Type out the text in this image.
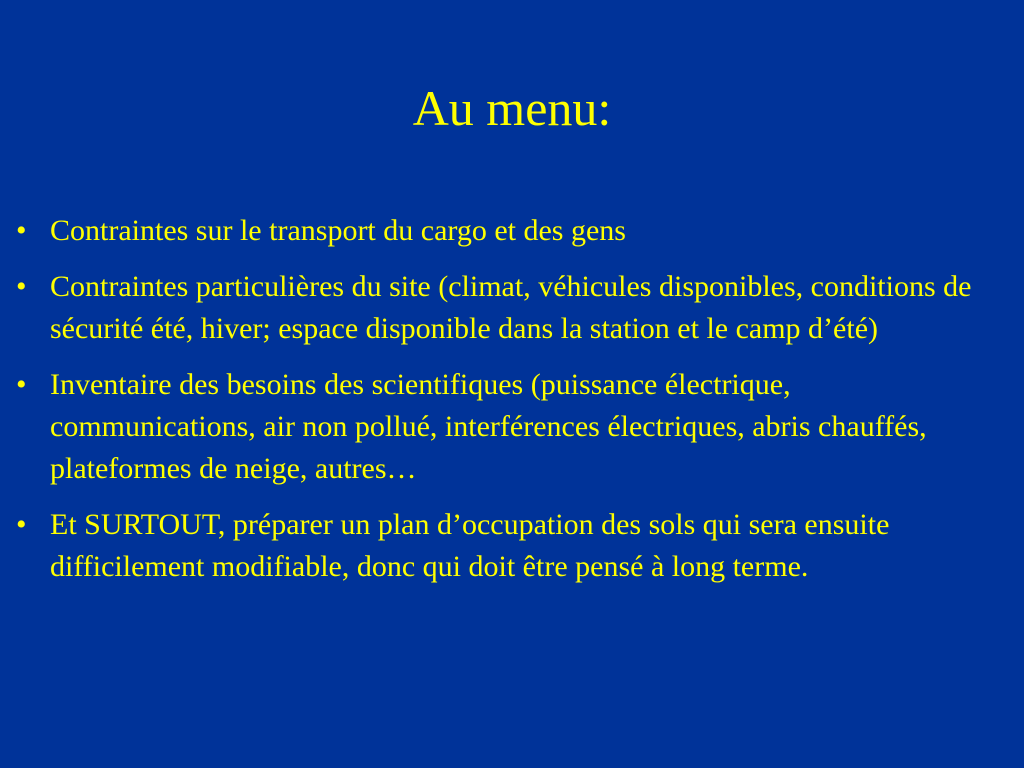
Au menu:
• Contraintes sur le transport du cargo et des gens
• Contraintes particulières du site (climat, véhicules disponibles, conditions de sécurité été, hiver; espace disponible dans la station et le camp d’été)
• Inventaire des besoins des scientifiques (puissance électrique, communications, air non pollué, interférences électriques, abris chauffés, plateformes de neige, autres…
• Et SURTOUT, préparer un plan d’occupation des sols qui sera ensuite difficilement modifiable, donc qui doit être pensé à long terme.
